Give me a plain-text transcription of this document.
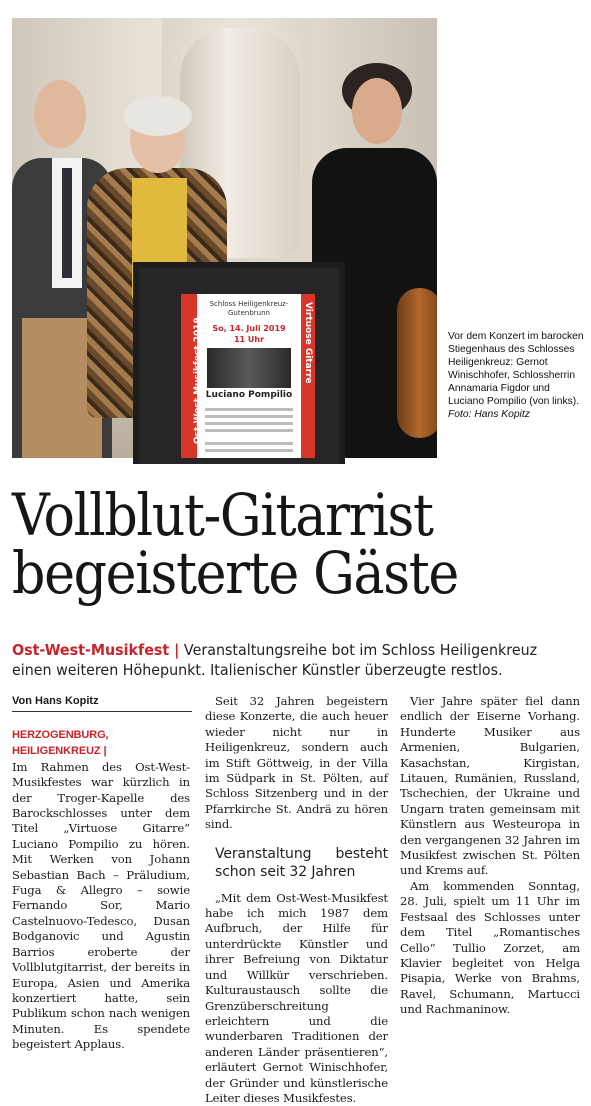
Ost-West Musikfest 2019	Virtuose Gitarre
Schloss Heiligenkreuz-Gutenbrunn
So, 14. Juli 2019
11 Uhr
Luciano Pompilio
Vor dem Konzert im barocken Stiegenhaus des Schlosses Heiligenkreuz: Gernot Winischhofer, Schlossherrin Annamaria Figdor und Luciano Pompilio (von links). Foto: Hans Kopitz
Vollblut-Gitarrist
begeisterte Gäste
Ost-West-Musikfest | Veranstaltungsreihe bot im Schloss Heiligenkreuz
einen weiteren Höhepunkt. Italienischer Künstler überzeugte restlos.
Von Hans Kopitz

HERZOGENBURG, HEILIGENKREUZ |
Im Rahmen des Ost-West-Musikfestes war kürzlich in der Troger-Kapelle des Barockschlosses unter dem Titel „Virtuose Gitarre“ Luciano Pompilio zu hören. Mit Werken von Johann Sebastian Bach – Präludium, Fuga & Allegro – sowie Fernando Sor, Mario Castelnuovo-Tedesco, Dusan Bodganovic und Agustin Barrios eroberte der Vollblutgitarrist, der bereits in Europa, Asien und Amerika konzertiert hatte, sein Publikum schon nach wenigen Minuten. Es spendete begeistert Applaus.

Seit 32 Jahren begeistern diese Konzerte, die auch heuer wieder nicht nur in Heiligenkreuz, sondern auch im Stift Göttweig, in der Villa im Südpark in St. Pölten, auf Schloss Sitzenberg und in der Pfarrkirche St. Andrä zu hören sind.

Veranstaltung besteht schon seit 32 Jahren

„Mit dem Ost-West-Musikfest habe ich mich 1987 dem Aufbruch, der Hilfe für unterdrückte Künstler und ihrer Befreiung von Diktatur und Willkür verschrieben. Kulturaustausch sollte die Grenzüberschreitung erleichtern und die wunderbaren Traditionen der anderen Länder präsentieren“, erläutert Gernot Winischhofer, der Gründer und künstlerische Leiter dieses Musikfestes.

Vier Jahre später fiel dann endlich der Eiserne Vorhang. Hunderte Musiker aus Armenien, Bulgarien, Kasachstan, Kirgistan, Litauen, Rumänien, Russland, Tschechien, der Ukraine und Ungarn traten gemeinsam mit Künstlern aus Westeuropa in den vergangenen 32 Jahren im Musikfest zwischen St. Pölten und Krems auf.

Am kommenden Sonntag, 28. Juli, spielt um 11 Uhr im Festsaal des Schlosses unter dem Titel „Romantisches Cello“ Tullio Zorzet, am Klavier begleitet von Helga Pisapia, Werke von Brahms, Ravel, Schumann, Martucci und Rachmaninow.
